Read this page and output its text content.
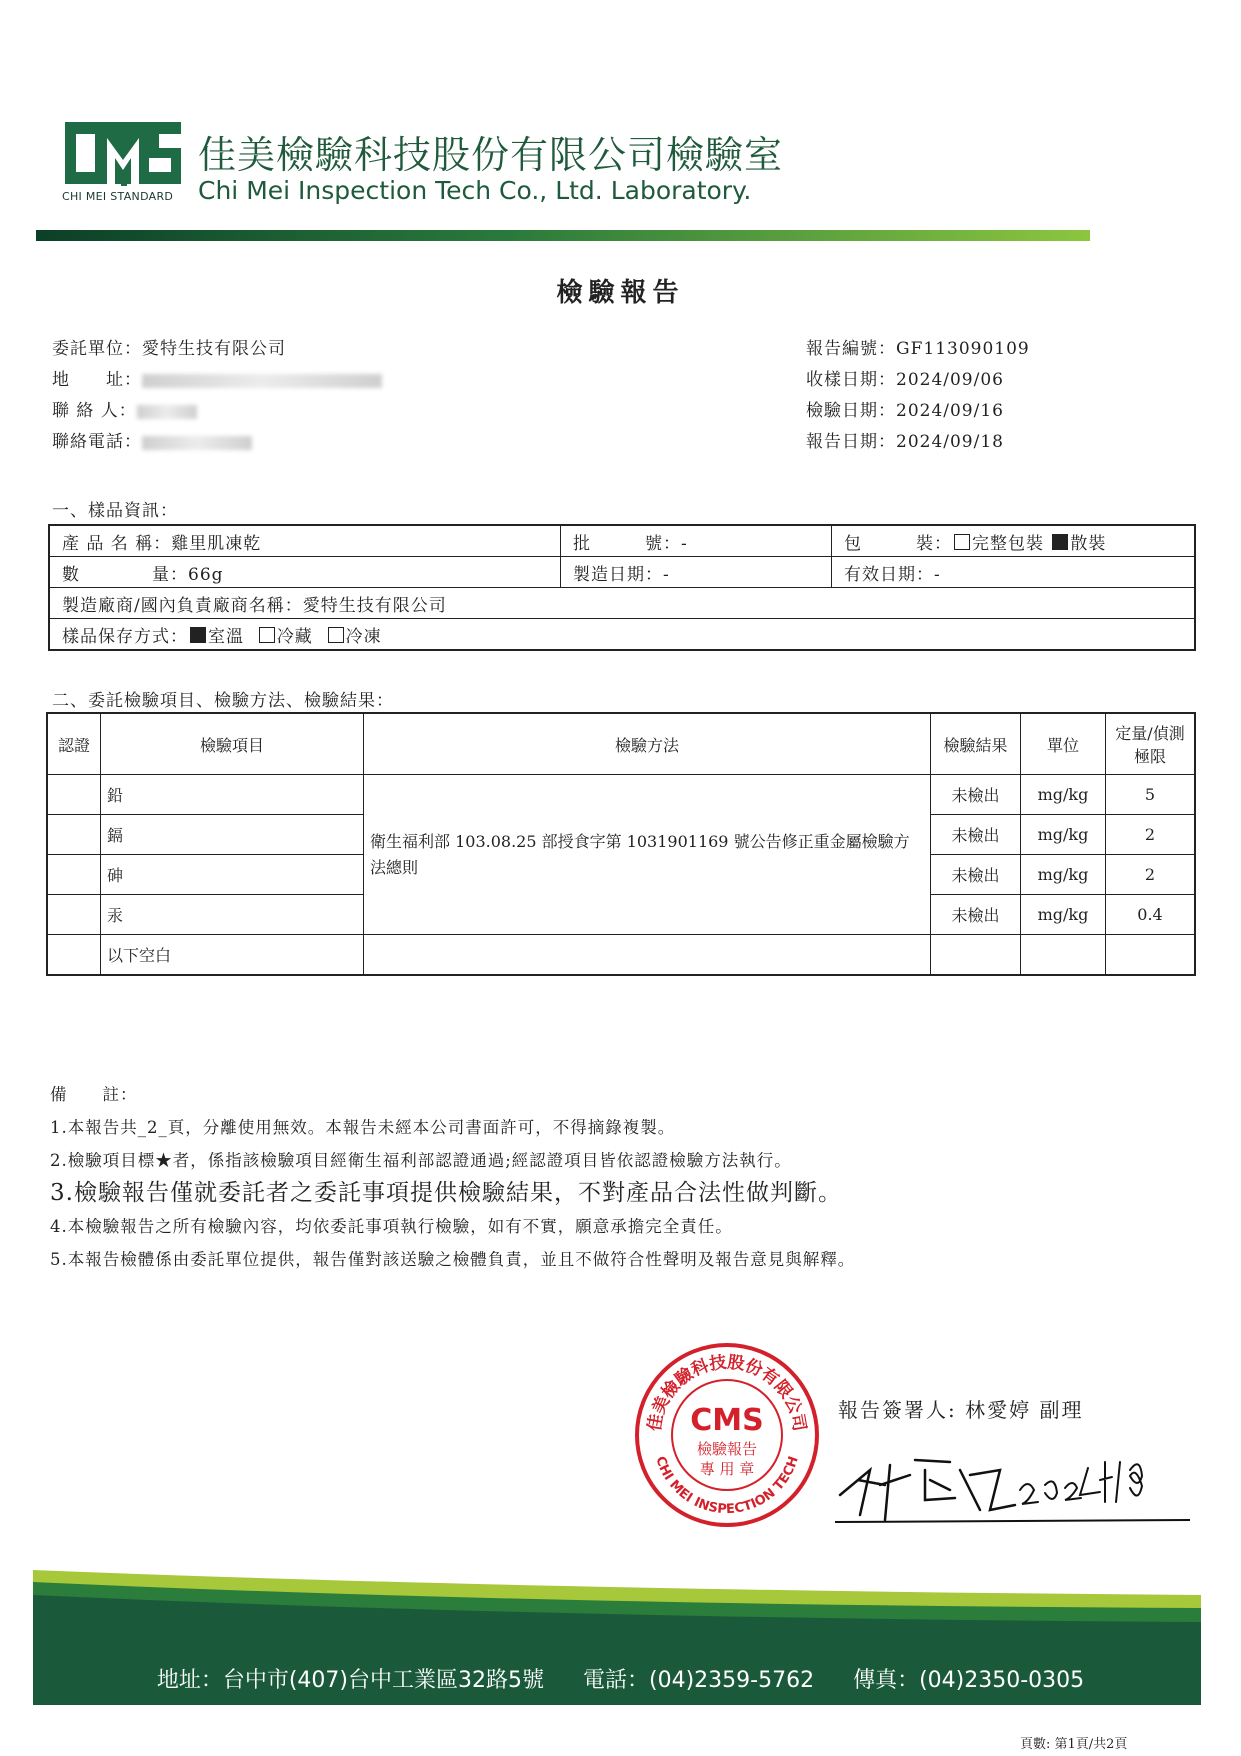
CHI MEI STANDARD
佳美檢驗科技股份有限公司檢驗室
Chi Mei Inspection Tech Co., Ltd. Laboratory.
檢驗報告
委託單位：愛特生技有限公司
地　　址：
聯 絡 人：
聯絡電話：
報告編號：GF113090109
收樣日期：2024/09/06
檢驗日期：2024/09/16
報告日期：2024/09/18
一、樣品資訊：
產 品 名 稱：雞里肌凍乾	批　　　號：-	包　　　裝： 完整包裝 散裝
數　　　　量：66g	製造日期：-	有效日期：-
製造廠商/國內負責廠商名稱：愛特生技有限公司		
樣品保存方式： 室溫 冷藏 冷凍		
二、委託檢驗項目、檢驗方法、檢驗結果：
認證	檢驗項目	檢驗方法	檢驗結果	單位	定量/偵測極限
	鉛	衛生福利部 103.08.25 部授食字第 1031901169 號公告修正重金屬檢驗方法總則	未檢出	mg/kg	5
	鎘		未檢出	mg/kg	2
	砷		未檢出	mg/kg	2
	汞		未檢出	mg/kg	0.4
	以下空白				
備　　註：
1.本報告共_2_頁，分離使用無效。本報告未經本公司書面許可，不得摘錄複製。
2.檢驗項目標★者，係指該檢驗項目經衛生福利部認證通過;經認證項目皆依認證檢驗方法執行。
3.檢驗報告僅就委託者之委託事項提供檢驗結果，不對產品合法性做判斷。
4.本檢驗報告之所有檢驗內容，均依委託事項執行檢驗，如有不實，願意承擔完全責任。
5.本報告檢體係由委託單位提供，報告僅對該送驗之檢體負責，並且不做符合性聲明及報告意見與解釋。
佳美檢驗科技股份有限公司
CHI MEI INSPECTION TECH
CMS
檢驗報告
專 用 章
報告簽署人: 林愛婷 副理
地址：台中市(407)台中工業區32路5號 電話：(04)2359-5762 傳真：(04)2350-0305
頁數: 第1頁/共2頁
